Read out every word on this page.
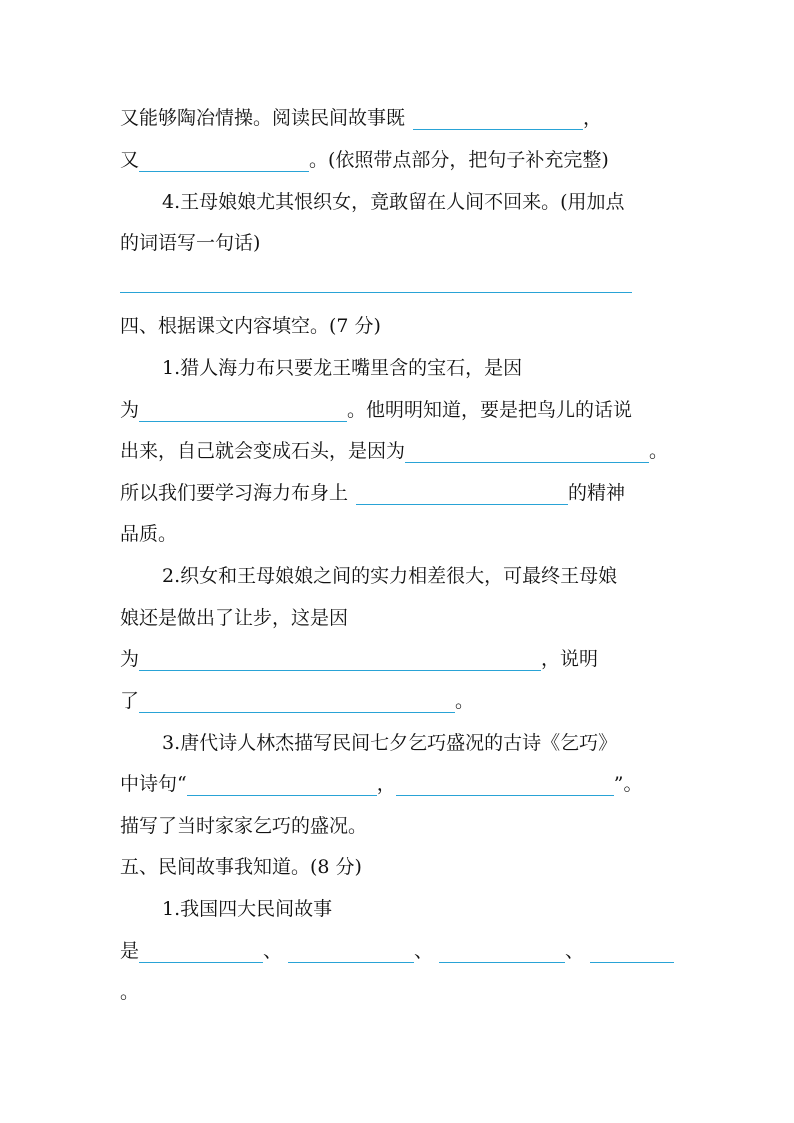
又能够陶冶情操。阅读民间故事既	，
又	。(依照带点部分，把句子补充完整)
4.王母娘娘尤其恨织女，竟敢留在人间不回来。(用加点
的词语写一句话)
四、根据课文内容填空。(7 分)
1.猎人海力布只要龙王嘴里含的宝石，是因
为	。他明明知道，要是把鸟儿的话说
出来，自己就会变成石头，是因为	。
所以我们要学习海力布身上	的精神
品质。
2.织女和王母娘娘之间的实力相差很大，可最终王母娘
娘还是做出了让步，这是因
为	，说明
了	。
3.唐代诗人林杰描写民间七夕乞巧盛况的古诗《乞巧》
中诗句“	，	”。
描写了当时家家乞巧的盛况。
五、民间故事我知道。(8 分)
1.我国四大民间故事
是	、	、	、
。
